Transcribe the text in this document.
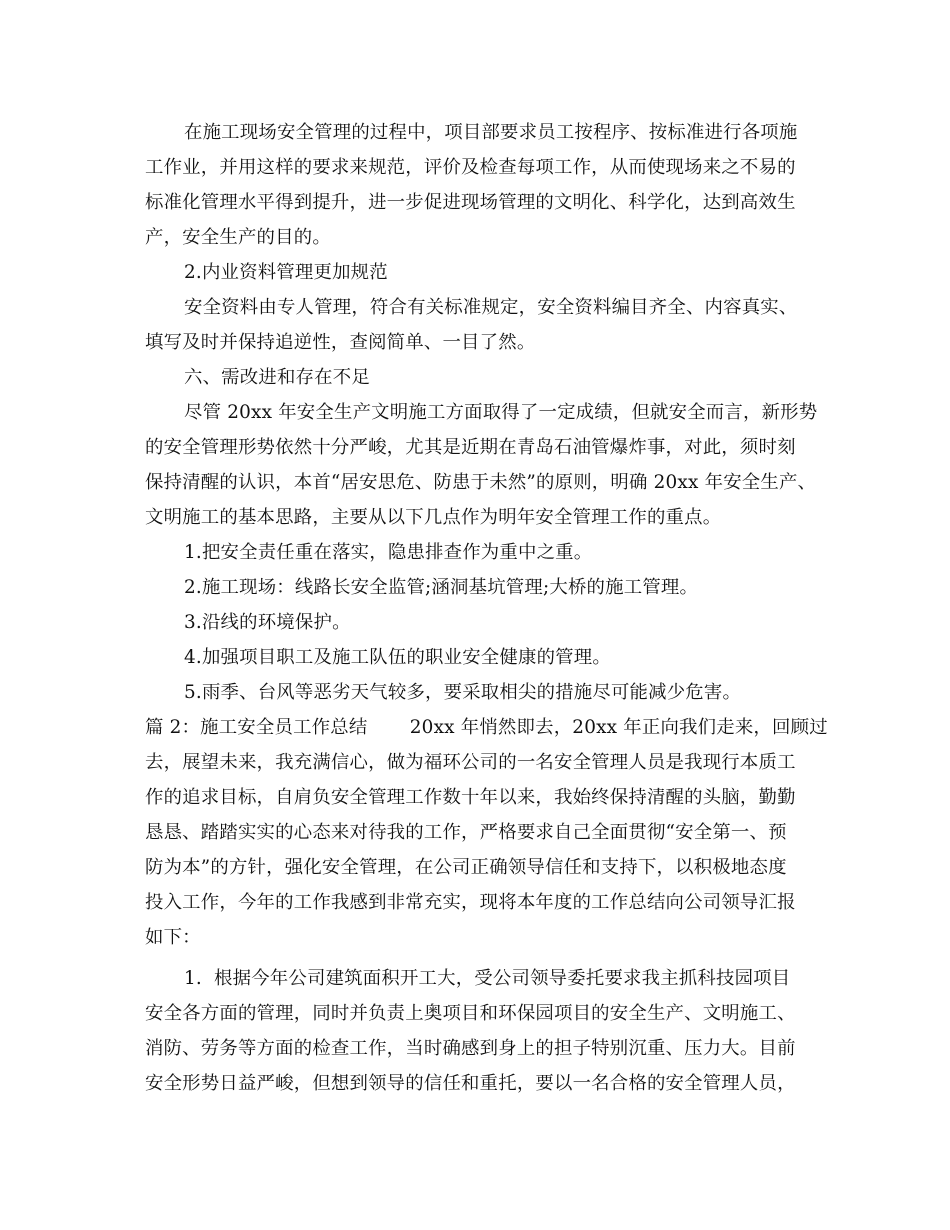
在施工现场安全管理的过程中，项目部要求员工按程序、按标准进行各项施
工作业，并用这样的要求来规范，评价及检查每项工作，从而使现场来之不易的
标准化管理水平得到提升，进一步促进现场管理的文明化、科学化，达到高效生
产，安全生产的目的。
2.内业资料管理更加规范
安全资料由专人管理，符合有关标准规定，安全资料编目齐全、内容真实、
填写及时并保持追逆性，查阅简单、一目了然。
六、需改进和存在不足
尽管 20xx 年安全生产文明施工方面取得了一定成绩，但就安全而言，新形势
的安全管理形势依然十分严峻，尤其是近期在青岛石油管爆炸事，对此，须时刻
保持清醒的认识，本首“居安思危、防患于未然”的原则，明确 20xx 年安全生产、
文明施工的基本思路，主要从以下几点作为明年安全管理工作的重点。
1.把安全责任重在落实，隐患排查作为重中之重。
2.施工现场：线路长安全监管;涵洞基坑管理;大桥的施工管理。
3.沿线的环境保护。
4.加强项目职工及施工队伍的职业安全健康的管理。
5.雨季、台风等恶劣天气较多，要采取相尖的措施尽可能减少危害。
篇 2：施工安全员工作总结       20xx 年悄然即去，20xx 年正向我们走来，回顾过
去，展望未来，我充满信心，做为福环公司的一名安全管理人员是我现行本质工
作的追求目标，自肩负安全管理工作数十年以来，我始终保持清醒的头脑，勤勤
恳恳、踏踏实实的心态来对待我的工作，严格要求自己全面贯彻“安全第一、预
防为本”的方针，强化安全管理，在公司正确领导信任和支持下，以积极地态度
投入工作，今年的工作我感到非常充实，现将本年度的工作总结向公司领导汇报
如下：
1.  根据今年公司建筑面积开工大，受公司领导委托要求我主抓科技园项目
安全各方面的管理，同时并负责上奥项目和环保园项目的安全生产、文明施工、
消防、劳务等方面的检查工作，当时确感到身上的担子特别沉重、压力大。目前
安全形势日益严峻，但想到领导的信任和重托，要以一名合格的安全管理人员，
